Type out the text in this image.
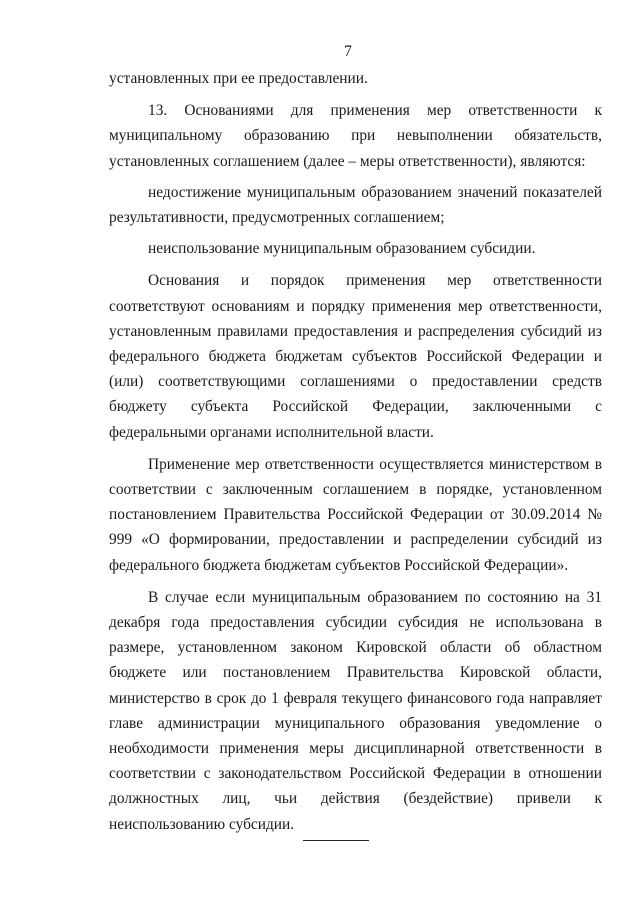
7

установленных при ее предоставлении.

13. Основаниями для применения мер ответственности к муниципальному образованию при невыполнении обязательств, установленных соглашением (далее – меры ответственности), являются:

недостижение муниципальным образованием значений показателей результативности, предусмотренных соглашением;

неиспользование муниципальным образованием субсидии.

Основания и порядок применения мер ответственности соответствуют основаниям и порядку применения мер ответственности, установленным правилами предоставления и распределения субсидий из федерального бюджета бюджетам субъектов Российской Федерации и (или) соответствующими соглашениями о предоставлении средств бюджету субъекта Российской Федерации, заключенными с федеральными органами исполнительной власти.

Применение мер ответственности осуществляется министерством в соответствии с заключенным соглашением в порядке, установленном постановлением Правительства Российской Федерации от 30.09.2014 № 999 «О формировании, предоставлении и распределении субсидий из федерального бюджета бюджетам субъектов Российской Федерации».

В случае если муниципальным образованием по состоянию на 31 декабря года предоставления субсидии субсидия не использована в размере, установленном законом Кировской области об областном бюджете или постановлением Правительства Кировской области, министерство в срок до 1 февраля текущего финансового года направляет главе администрации муниципального образования уведомление о необходимости применения меры дисциплинарной ответственности в соответствии с законодательством Российской Федерации в отношении должностных лиц, чьи действия (бездействие) привели к неиспользованию субсидии.
